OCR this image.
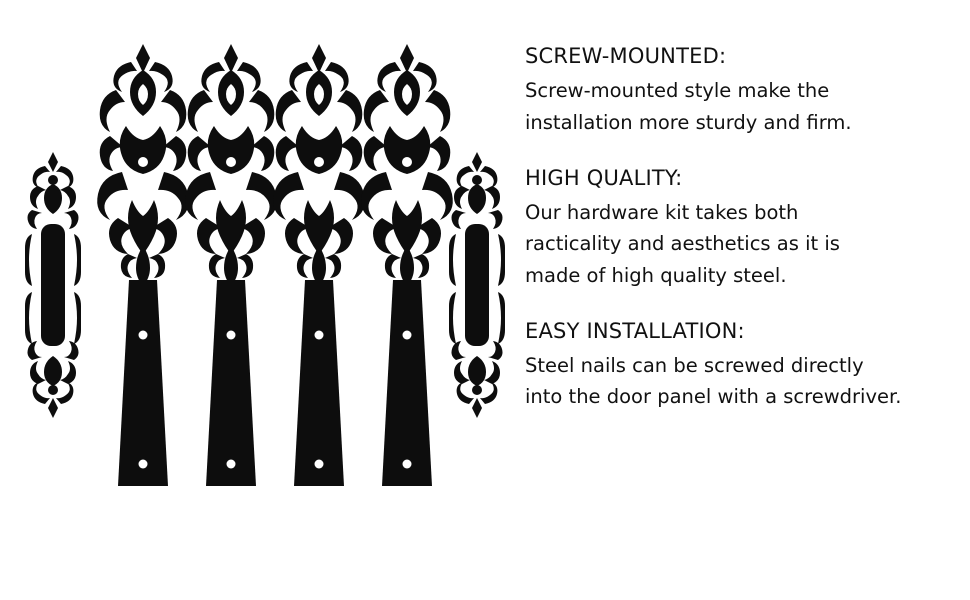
SCREW-MOUNTED:

Screw-mounted style make the

installation more sturdy and firm.

HIGH QUALITY:

Our hardware kit takes both

racticality and aesthetics as it is

made of high quality steel.

EASY INSTALLATION:

Steel nails can be screwed directly

into the door panel with a screwdriver.
